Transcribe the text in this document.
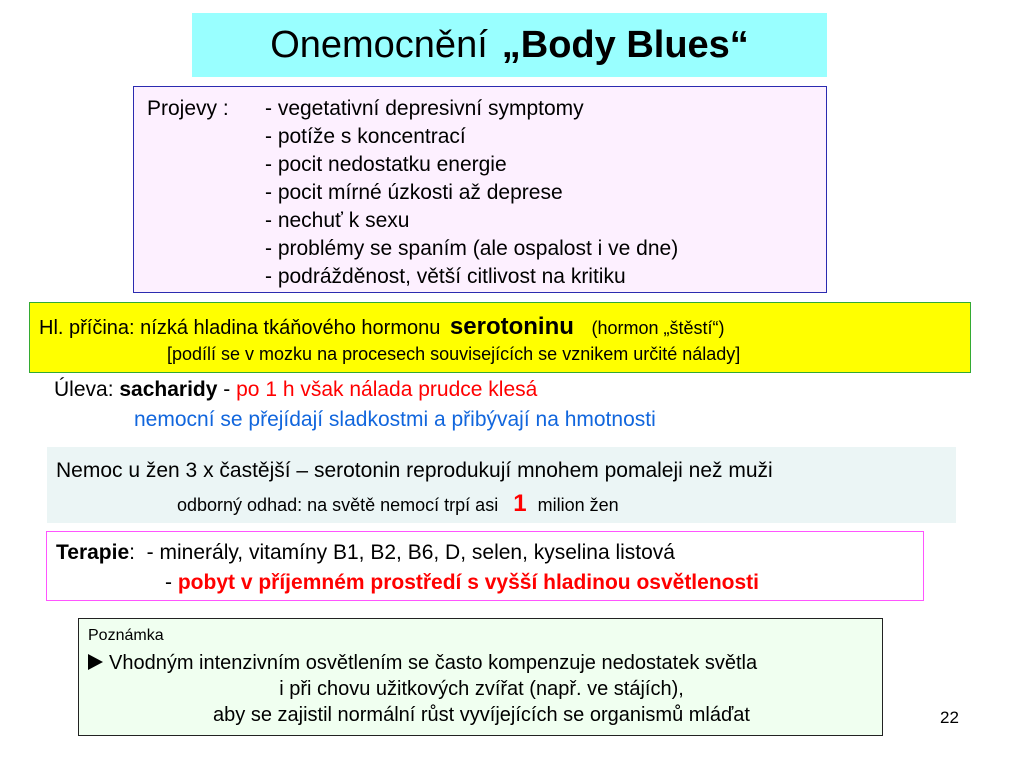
Onemocnění „Body Blues“
Projevy : - vegetativní depresivní symptomy
- potíže s koncentrací
- pocit nedostatku energie
- pocit mírné úzkosti až deprese
- nechuť k sexu
- problémy se spaním (ale ospalost i ve dne)
- podrážděnost, větší citlivost na kritiku
Hl. příčina: nízká hladina tkáňového hormonu serotoninu (hormon „štěstí“)
[podílí se v mozku na procesech souvisejících se vznikem určité nálady]
Úleva: sacharidy - po 1 h však nálada prudce klesá
nemocní se přejídají sladkostmi a přibývají na hmotnosti
Nemoc u žen 3 x častější – serotonin reprodukují mnohem pomaleji než muži
odborný odhad: na světě nemocí trpí asi 1 milion žen
Terapie: - minerály, vitamíny B1, B2, B6, D, selen, kyselina listová
- pobyt v příjemném prostředí s vyšší hladinou osvětlenosti
Poznámka
Vhodným intenzivním osvětlením se často kompenzuje nedostatek světla
i při chovu užitkových zvířat (např. ve stájích),
aby se zajistil normální růst vyvíjejících se organismů mláďat	22
